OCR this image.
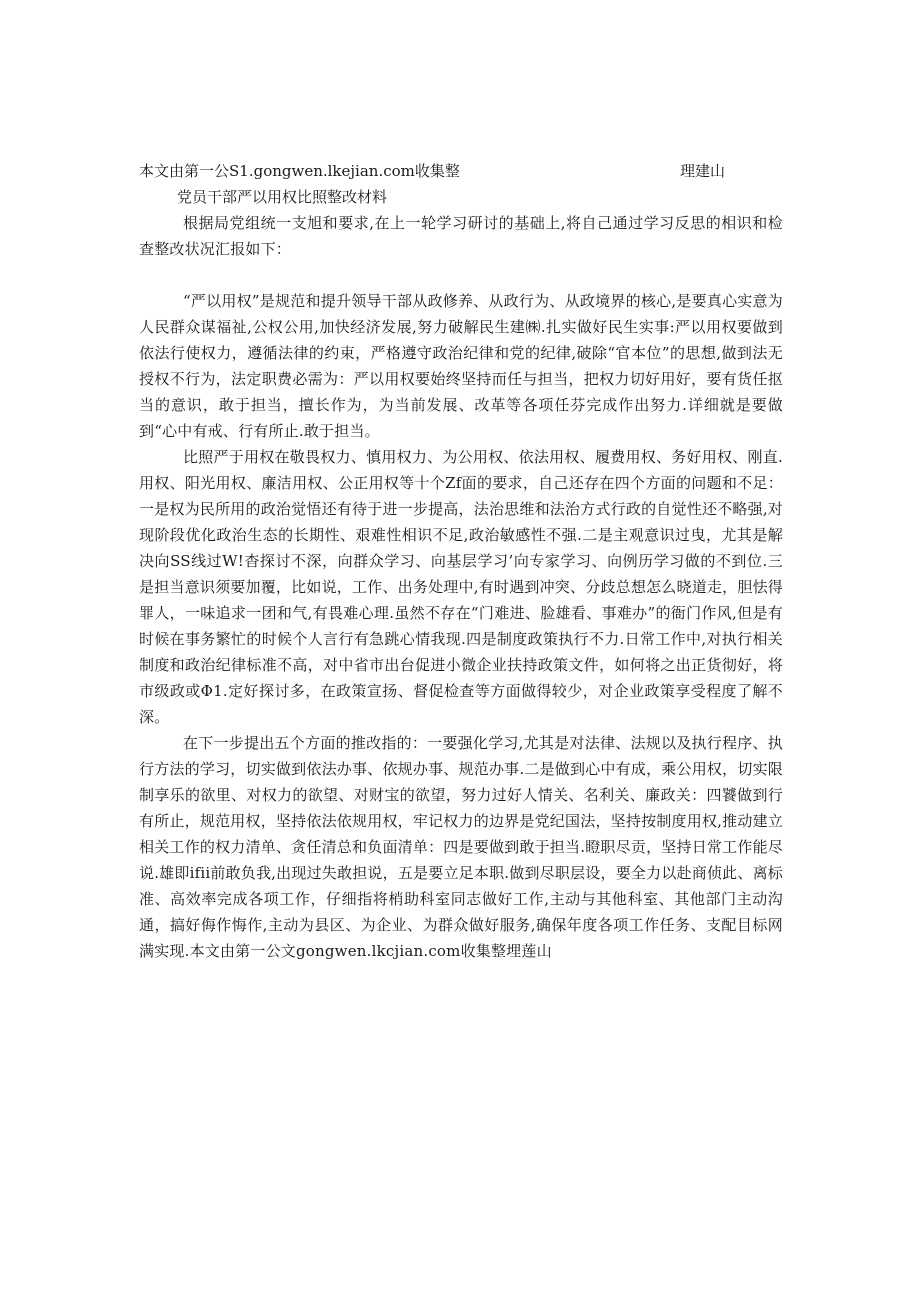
本文由第一公S1.gongwen.lkejian.com收集整	理建山
党员干部严以用权比照整改材料

根据局党组统一支旭和要求,在上一轮学习研讨的基础上,将自己通过学习反思的相识和检查整改状况汇报如下：

“严以用权”是规范和提升领导干部从政修养、从政行为、从政境界的核心,是要真心实意为人民群众谋福祉,公权公用,加快经济发展,努力破解民生建㈱.扎实做好民生实事:严以用权要做到依法行使权力，遵循法律的约束，严格遵守政治纪律和党的纪律,破除“官本位”的思想,做到法无授权不行为，法定职费必需为：严以用权要始终坚持而任与担当，把权力切好用好，要有货任抠当的意识，敢于担当，擅长作为，为当前发展、改革等各项任芬完成作出努力.详细就是要做到“心中有戒、行有所止.敢于担当。

比照严于用权在敬畏权力、慎用权力、为公用权、依法用权、履费用权、务好用权、刚直.用权、阳光用权、廉洁用权、公正用权等十个Zf面的要求，自己还存在四个方面的问题和不足：一是权为民所用的政治觉悟还有待于进一步提高，法治思维和法治方式行政的自觉性还不略强,对现阶段优化政治生态的长期性、艰难性相识不足,政治敏感性不强.二是主观意识过曳，尤其是解决向SS线过W!杳探讨不深，向群众学习、向基层学习’向专家学习、向例历学习做的不到位.三是担当意识须要加覆，比如说，工作、出务处理中,有时遇到冲突、分歧总想怎么晓道走，胆怯得罪人，一味追求一团和气,有畏难心理.虽然不存在“门难进、脸雄看、事难办”的衙门作风,但是有时候在事务繁忙的时候个人言行有急跳心情我现.四是制度政策执行不力.日常工作中,对执行相关制度和政治纪律标准不高，对中省市出台促进小微企业扶持政策文件，如何将之出正货彻好，将市级政或Φ1.定好探讨多，在政策宣扬、督促检查等方面做得较少，对企业政策享受程度了解不深。

在下一步提出五个方面的推改指的：一要强化学习,尤其是对法律、法规以及执行程序、执行方法的学习，切实做到依法办事、依规办事、规范办事.二是做到心中有成，乘公用权，切实限制享乐的欲里、对权力的欲望、对财宝的欲望，努力过好人情关、名利关、廉政关：四饕做到行有所止，规范用权，坚持依法依规用权，牢记权力的边界是党纪国法，坚持按制度用权,推动建立相关工作的权力清单、贪任清总和负面清单：四是要做到敢于担当.瞪职尽贡，坚持日常工作能尽说.雄即ifii前敢负我,出现过失敢担说，五是要立足本职.做到尽职层设，要全力以赴商侦此、离标准、高效率完成各项工作，仔细指将梢助科室同志做好工作,主动与其他科室、其他部门主动沟通，搞好侮作悔作,主动为县区、为企业、为群众做好服务,确保年度各项工作任务、支配目标网满实现.本文由第一公文gongwen.lkcjian.com收集整埋莲山
